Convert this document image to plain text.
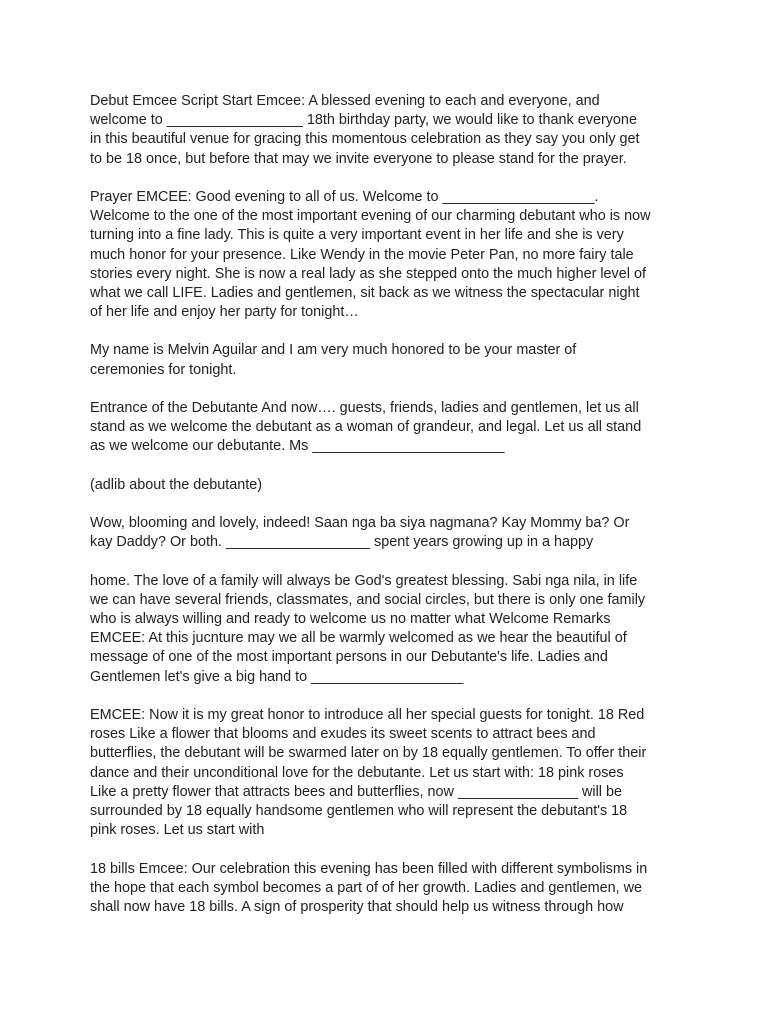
Debut Emcee Script Start Emcee: A blessed evening to each and everyone, and
welcome to _________________ 18th birthday party, we would like to thank everyone
in this beautiful venue for gracing this momentous celebration as they say you only get
to be 18 once, but before that may we invite everyone to please stand for the prayer.

Prayer EMCEE: Good evening to all of us. Welcome to ___________________.
Welcome to the one of the most important evening of our charming debutant who is now
turning into a fine lady. This is quite a very important event in her life and she is very
much honor for your presence. Like Wendy in the movie Peter Pan, no more fairy tale
stories every night. She is now a real lady as she stepped onto the much higher level of
what we call LIFE. Ladies and gentlemen, sit back as we witness the spectacular night
of her life and enjoy her party for tonight…

My name is Melvin Aguilar and I am very much honored to be your master of
ceremonies for tonight.

Entrance of the Debutante And now…. guests, friends, ladies and gentlemen, let us all
stand as we welcome the debutant as a woman of grandeur, and legal. Let us all stand
as we welcome our debutante. Ms ________________________

(adlib about the debutante)

Wow, blooming and lovely, indeed! Saan nga ba siya nagmana? Kay Mommy ba? Or
kay Daddy? Or both. __________________ spent years growing up in a happy

home. The love of a family will always be God's greatest blessing. Sabi nga nila, in life
we can have several friends, classmates, and social circles, but there is only one family
who is always willing and ready to welcome us no matter what Welcome Remarks
EMCEE: At this jucnture may we all be warmly welcomed as we hear the beautiful of
message of one of the most important persons in our Debutante's life. Ladies and
Gentlemen let's give a big hand to ___________________

EMCEE: Now it is my great honor to introduce all her special guests for tonight. 18 Red
roses Like a flower that blooms and exudes its sweet scents to attract bees and
butterflies, the debutant will be swarmed later on by 18 equally gentlemen. To offer their
dance and their unconditional love for the debutante. Let us start with: 18 pink roses
Like a pretty flower that attracts bees and butterflies, now _______________ will be
surrounded by 18 equally handsome gentlemen who will represent the debutant's 18
pink roses. Let us start with

18 bills Emcee: Our celebration this evening has been filled with different symbolisms in
the hope that each symbol becomes a part of of her growth. Ladies and gentlemen, we
shall now have 18 bills. A sign of prosperity that should help us witness through how
